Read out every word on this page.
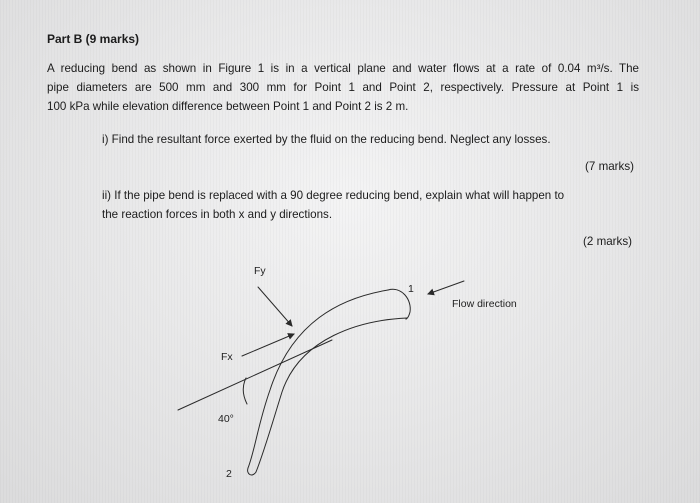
Part B (9 marks)
A reducing bend as shown in Figure 1 is in a vertical plane and water flows at a rate of 0.04 m³/s. The
pipe diameters are 500 mm and 300 mm for Point 1 and Point 2, respectively. Pressure at Point 1 is
100 kPa while elevation difference between Point 1 and Point 2 is 2 m.
i) Find the resultant force exerted by the fluid on the reducing bend. Neglect any losses.
(7 marks)
ii) If the pipe bend is replaced with a 90 degree reducing bend, explain what will happen to
the reaction forces in both x and y directions.
(2 marks)
Fy
Fx
1
Flow direction
40°
2
